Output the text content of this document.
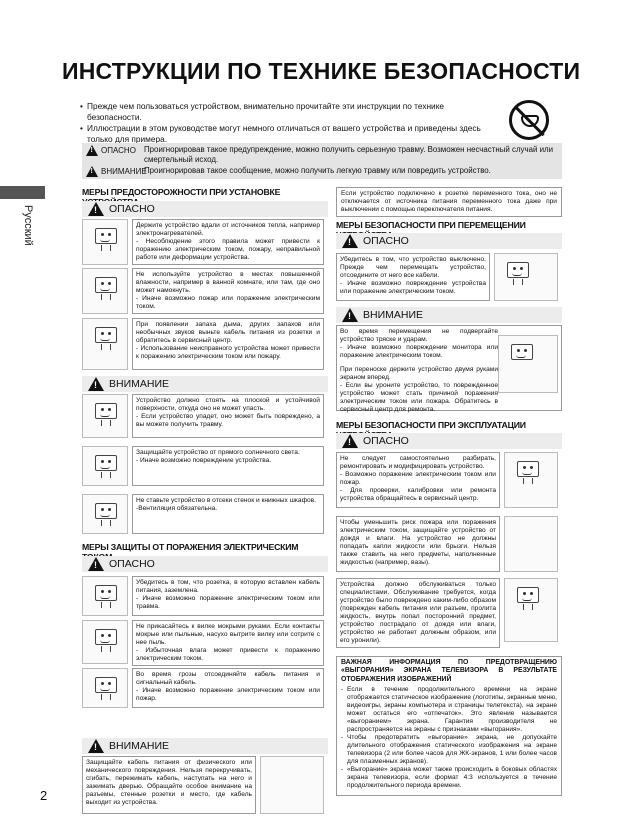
Русский
2
ИНСТРУКЦИИ ПО ТЕХНИКЕ БЕЗОПАСНОСТИ
• Прежде чем пользоваться устройством, внимательно прочитайте эти инструкции по технике безопасности.
• Иллюстрации в этом руководстве могут немного отличаться от вашего устройства и приведены здесь только для примера.
!
ОПАСНО Проигнорировав такое предупреждение, можно получить серьезную травму. Возможен несчастный случай или смертельный исход.
!
ВНИМАНИЕ
Проигнорировав такое сообщение, можно получить легкую травму или повредить устройство.
МЕРЫ ПРЕДОСТОРОЖНОСТИ ПРИ УСТАНОВКЕ
!
ОПАСНО
Держите устройство вдали от источников тепла, например электронагревателей.
- Несоблюдение этого правила может привести к поражению электрическим током, пожару, неправильной работе или деформации устройства.
Не используйте устройство в местах повышенной влажности, например в ванной комнате, или там, где оно может намокнуть.
- Иначе возможно пожар или поражение электрическим током.
При появлении запаха дыма, других запахов или необычных звуков выньте кабель питания из розетки и обратитесь в сервисный центр.
- Использование неисправного устройства может привести к поражению электрическим током или пожару.
!
ВНИМАНИЕ
Устройство должно стоять на плоской и устойчивой поверхности, откуда оно не может упасть.
- Если устройство упадет, оно может быть повреждено, а вы можете получить травму.
Защищайте устройство от прямого солнечного света.
- Иначе возможно повреждение устройства.
Не ставьте устройство в отсеки стенок и книжных шкафов.
-Вентиляция обязательна.
МЕРЫ ЗАЩИТЫ ОТ ПОРАЖЕНИЯ ЭЛЕКТРИЧЕСКИМ
!
ОПАСНО
Убедитесь в том, что розетка, в которую вставлен кабель питания, заземлена.
- Иначе возможно поражение электрическим током или травма.
Не прикасайтесь к вилке мокрыми руками. Если контакты мокрые или пыльные, насухо вытрите вилку или сотрите с нее пыль.
- Избыточная влага может привести к поражению электрическим током.
Во время грозы отсоединяйте кабель питания и сигнальный кабель.
- Иначе возможно поражение электрическим током или пожар.
!
ВНИМАНИЕ
Защищайте кабель питания от физического или механического повреждения. Нельзя перекручивать, сгибать, пережимать кабель, наступать на него и зажимать дверью. Обращайте особое внимание на разъемы, стенные розетки и место, где кабель выходит из устройства.
Если устройство подключено к розетке переменного тока, оно не отключается от источника питания переменного тока даже при выключении с помощью переключателя питания.
МЕРЫ БЕЗОПАСНОСТИ ПРИ ПЕРЕМЕЩЕНИИ
!
ОПАСНО
Убедитесь в том, что устройство выключено. Прежде чем перемещать устройство, отсоедините от него все кабели.
- Иначе возможно повреждение устройства или поражение электрическим током.
!
ВНИМАНИЕ
Во время перемещения не подвергайте устройство тряске и ударам.
- Иначе возможно повреждение монитора или поражение электрическим током.
При переноске держите устройство двумя руками экраном вперед.
- Если вы уроните устройство, то поврежденное устройство может стать причиной поражения электрическим током или пожара. Обратитесь в сервисный центр для ремонта.
МЕРЫ БЕЗОПАСНОСТИ ПРИ ЭКСПЛУАТАЦИИ
!
ОПАСНО
Не следует самостоятельно разбирать, ремонтировать и модифицировать устройство.
- Возможно поражение электрическим током или пожар.
- Для проверки, калибровки или ремонта устройства обращайтесь в сервисный центр.
Чтобы уменьшить риск пожара или поражения электрическим током, защищайте устройство от дождя и влаги. На устройство не должны попадать капли жидкости или брызги. Нельзя также ставить на него предметы, наполненные жидкостью (например, вазы).
Устройства должно обслуживаться только специалистами. Обслуживание требуется, когда устройство было повреждено каким-либо образом (поврежден кабель питания или разъем, пролита жидкость, внутрь попал посторонний предмет, устройство пострадало от дождя или влаги, устройство не работает должным образом, или его уронили).
ВАЖНАЯ ИНФОРМАЦИЯ ПО ПРЕДОТВРАЩЕНИЮ «ВЫГОРАНИЯ» ЭКРАНА ТЕЛЕВИЗОРА В РЕЗУЛЬТАТЕ ОТОБРАЖЕНИЯ ИЗОБРАЖЕНИЙ
- Если в течение продолжительного времени на экране отображается статическое изображение (логотипы, экранные меню, видеоигры, экраны компьютера и страницы телетекста), на экране может остаться его «отпечаток». Это явление называется «выгоранием» экрана. Гарантия производителя не распространяется на экраны с признаками «выгорания».
- Чтобы предотвратить «выгорание» экрана, не допускайте длительного отображения статического изображения на экране телевизора (2 или более часов для ЖК-экранов, 1 или более часов для плазменных экранов).
- «Выгорание» экрана может также происходить в боковых областях экрана телевизора, если формат 4:3 используется в течение продолжительного периода времени.
